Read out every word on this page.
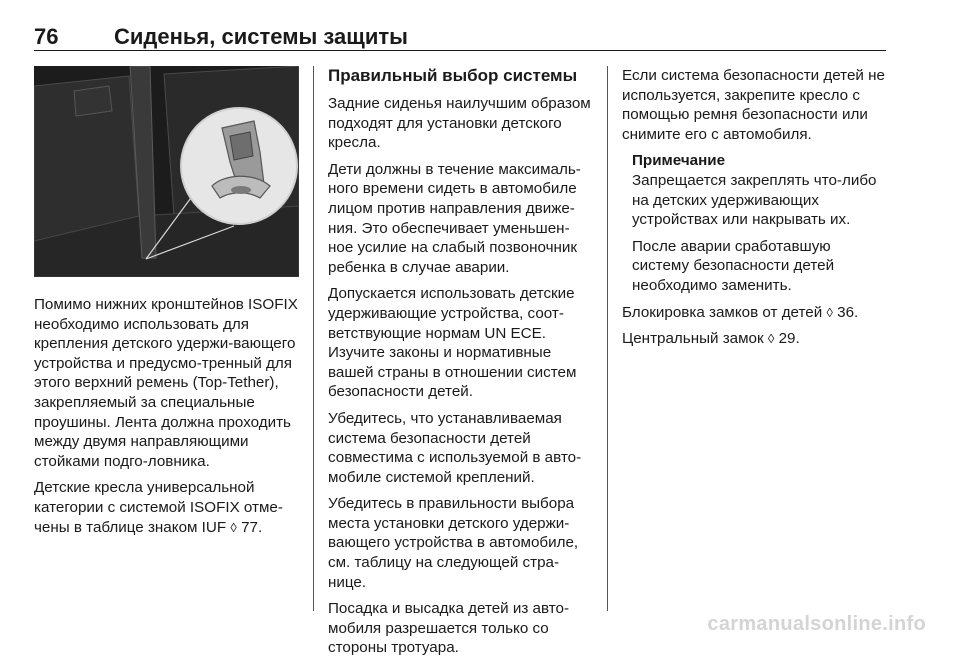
76	Сиденья, системы защиты

Помимо нижних кронштейнов ISOFIX необходимо использовать для крепления детского удержи-вающего устройства и предусмо-тренный для этого верхний ремень (Top-Tether), закрепляемый за специальные проушины. Лента должна проходить между двумя направляющими стойками подго-ловника.

Детские кресла универсальной категории с системой ISOFIX отме-чены в таблице знаком IUF ◊ 77.

Правильный выбор системы

Задние сиденья наилучшим образом подходят для установки детского кресла.

Дети должны в течение максималь-ного времени сидеть в автомобиле лицом против направления движе-ния. Это обеспечивает уменьшен-ное усилие на слабый позвоночник ребенка в случае аварии.

Допускается использовать детские удерживающие устройства, соот-ветствующие нормам UN ECE. Изучите законы и нормативные вашей страны в отношении систем безопасности детей.

Убедитесь, что устанавливаемая система безопасности детей совместима с используемой в авто-мобиле системой креплений.

Убедитесь в правильности выбора места установки детского удержи-вающего устройства в автомобиле, см. таблицу на следующей стра-нице.

Посадка и высадка детей из авто-мобиля разрешается только со стороны тротуара.

Если система безопасности детей не используется, закрепите кресло с помощью ремня безопасности или снимите его с автомобиля.

Примечание

Запрещается закреплять что-либо на детских удерживающих устройствах или накрывать их.

После аварии сработавшую систему безопасности детей необходимо заменить.

Блокировка замков от детей ◊ 36.

Центральный замок ◊ 29.

carmanualsonline.info
